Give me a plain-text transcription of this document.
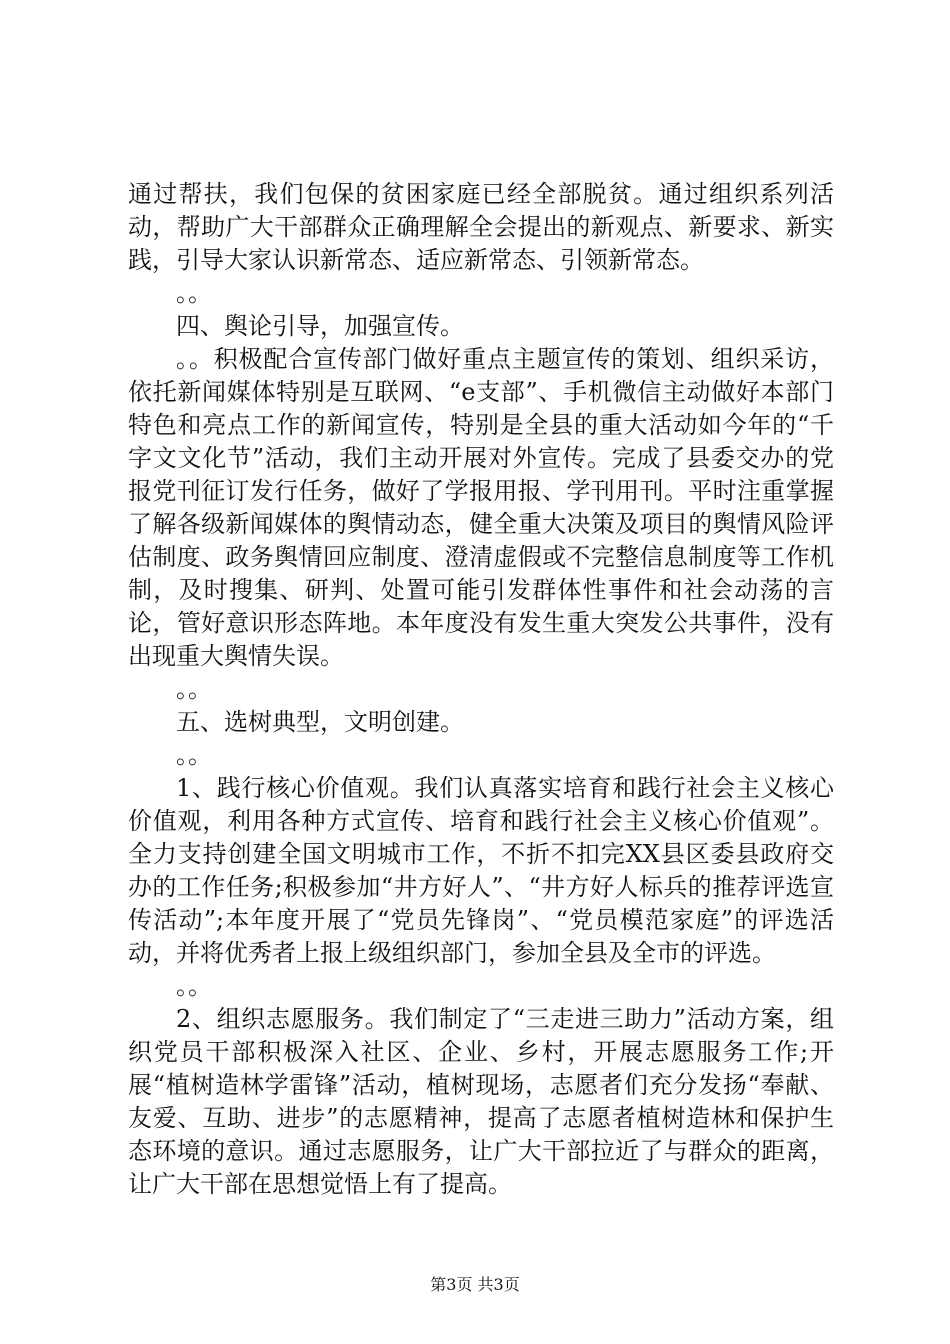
通过帮扶，我们包保的贫困家庭已经全部脱贫。通过组织系列活动，帮助广大干部群众正确理解全会提出的新观点、新要求、新实践，引导大家认识新常态、适应新常态、引领新常态。

。。

四、舆论引导，加强宣传。

。。积极配合宣传部门做好重点主题宣传的策划、组织采访，依托新闻媒体特别是互联网、“e支部”、手机微信主动做好本部门特色和亮点工作的新闻宣传，特别是全县的重大活动如今年的“千字文文化节”活动，我们主动开展对外宣传。完成了县委交办的党报党刊征订发行任务，做好了学报用报、学刊用刊。平时注重掌握了解各级新闻媒体的舆情动态，健全重大决策及项目的舆情风险评估制度、政务舆情回应制度、澄清虚假或不完整信息制度等工作机制，及时搜集、研判、处置可能引发群体性事件和社会动荡的言论，管好意识形态阵地。本年度没有发生重大突发公共事件，没有出现重大舆情失误。

。。

五、选树典型，文明创建。

。。

1、践行核心价值观。我们认真落实培育和践行社会主义核心价值观，利用各种方式宣传、培育和践行社会主义核心价值观”。全力支持创建全国文明城市工作，不折不扣完XX县区委县政府交办的工作任务;积极参加“井方好人”、“井方好人标兵的推荐评选宣传活动”;本年度开展了“党员先锋岗”、“党员模范家庭”的评选活动，并将优秀者上报上级组织部门，参加全县及全市的评选。

。。

2、组织志愿服务。我们制定了“三走进三助力”活动方案，组织党员干部积极深入社区、企业、乡村，开展志愿服务工作;开展“植树造林学雷锋”活动，植树现场，志愿者们充分发扬“奉献、友爱、互助、进步”的志愿精神，提高了志愿者植树造林和保护生态环境的意识。通过志愿服务，让广大干部拉近了与群众的距离，让广大干部在思想觉悟上有了提高。

第3页 共3页
